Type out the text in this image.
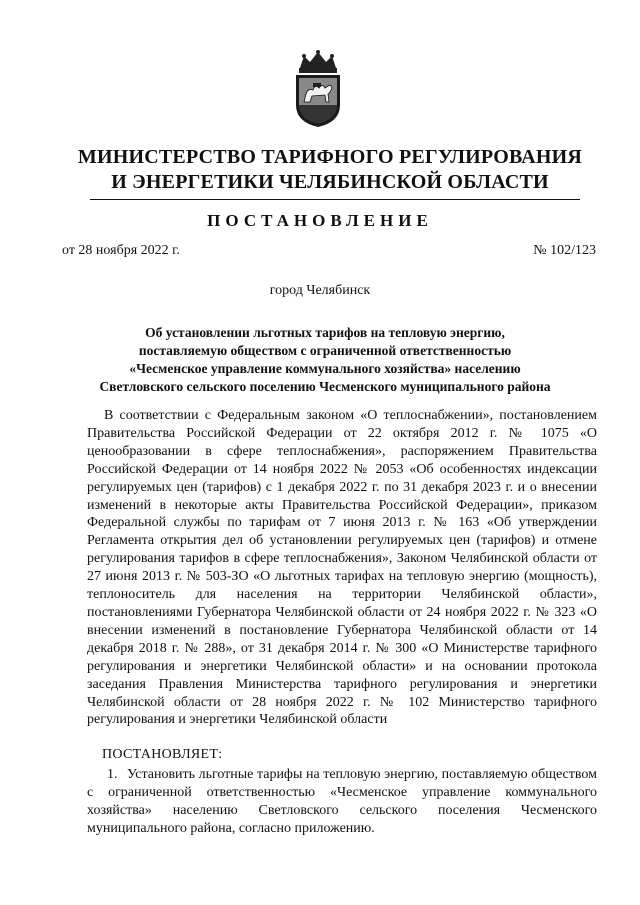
МИНИСТЕРСТВО ТАРИФНОГО РЕГУЛИРОВАНИЯ
И ЭНЕРГЕТИКИ ЧЕЛЯБИНСКОЙ ОБЛАСТИ
ПОСТАНОВЛЕНИЕ
от 28 ноября 2022 г.	№ 102/123
город Челябинск
Об установлении льготных тарифов на тепловую энергию,
поставляемую обществом с ограниченной ответственностью
«Чесменское управление коммунального хозяйства» населению
Светловского сельского поселению Чесменского муниципального района
В соответствии с Федеральным законом «О теплоснабжении», постановлением Правительства Российской Федерации от 22 октября 2012 г. № 1075 «О ценообразовании в сфере теплоснабжения», распоряжением Правительства Российской Федерации от 14 ноября 2022 № 2053 «Об особенностях индексации регулируемых цен (тарифов) с 1 декабря 2022 г. по 31 декабря 2023 г. и о внесении изменений в некоторые акты Правительства Российской Федерации», приказом Федеральной службы по тарифам от 7 июня 2013 г. № 163 «Об утверждении Регламента открытия дел об установлении регулируемых цен (тарифов) и отмене регулирования тарифов в сфере теплоснабжения», Законом Челябинской области от 27 июня 2013 г. № 503-ЗО «О льготных тарифах на тепловую энергию (мощность), теплоноситель для населения на территории Челябинской области», постановлениями Губернатора Челябинской области от 24 ноября 2022 г. № 323 «О внесении изменений в постановление Губернатора Челябинской области от 14 декабря 2018 г. № 288», от 31 декабря 2014 г. № 300 «О Министерстве тарифного регулирования и энергетики Челябинской области» и на основании протокола заседания Правления Министерства тарифного регулирования и энергетики Челябинской области от 28 ноября 2022 г. № 102 Министерство тарифного регулирования и энергетики Челябинской области
ПОСТАНОВЛЯЕТ:
1. Установить льготные тарифы на тепловую энергию, поставляемую обществом с ограниченной ответственностью «Чесменское управление коммунального хозяйства» населению Светловского сельского поселения Чесменского муниципального района, согласно приложению.
